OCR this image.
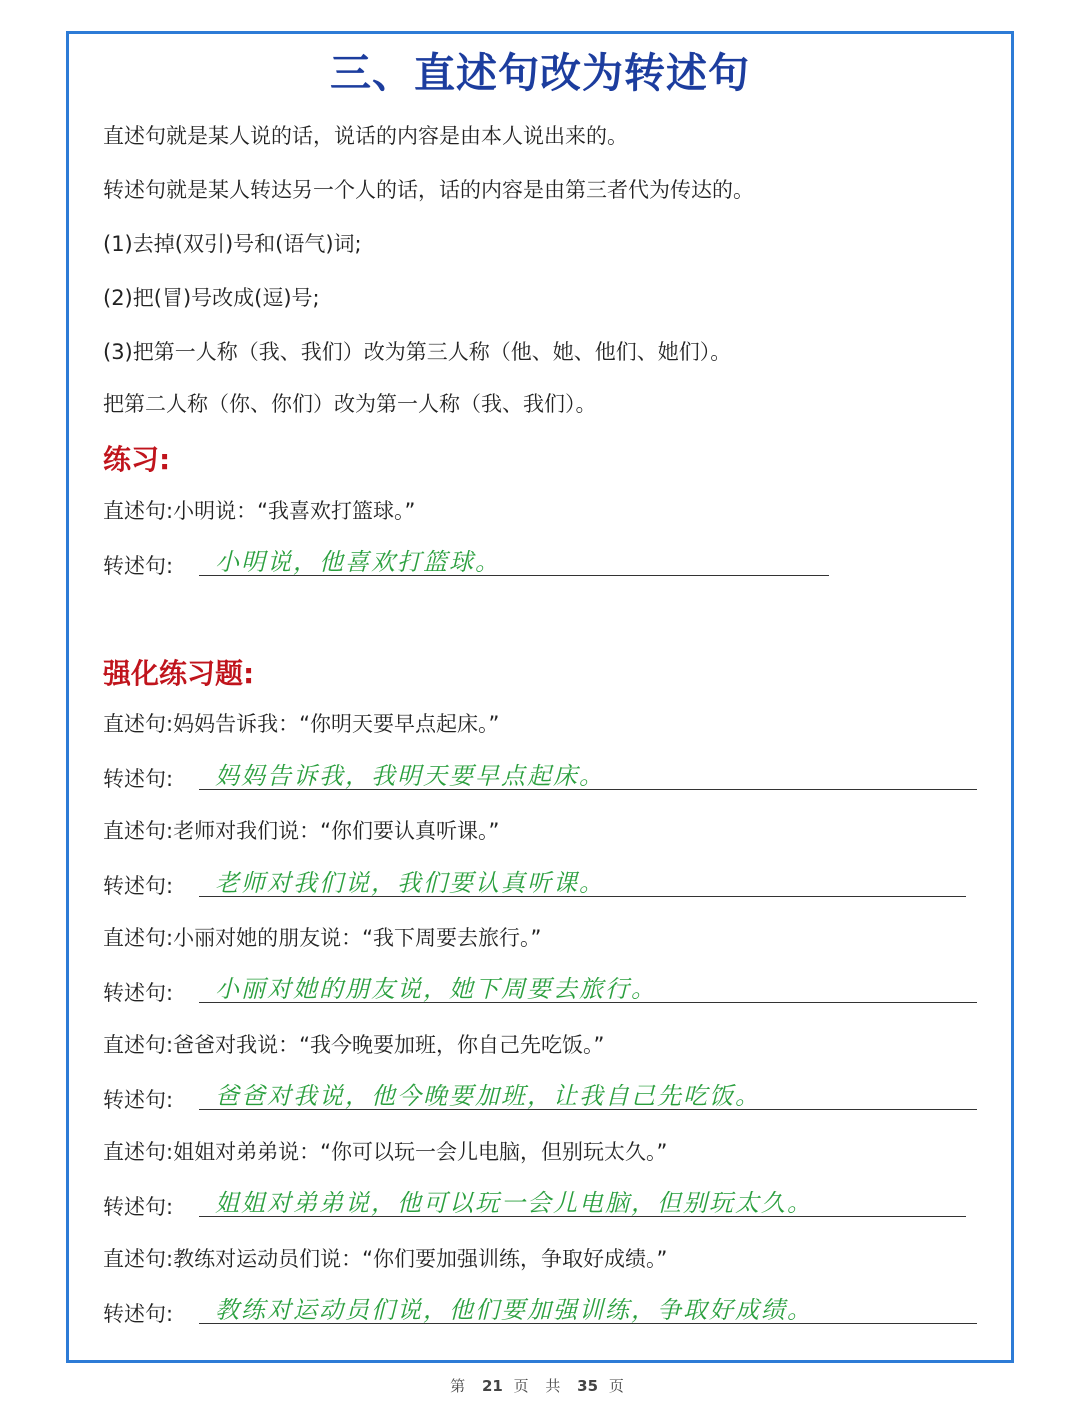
三、直述句改为转述句
直述句就是某人说的话，说话的内容是由本人说出来的。
转述句就是某人转达另一个人的话，话的内容是由第三者代为传达的。
(1)去掉(双引)号和(语气)词;
(2)把(冒)号改成(逗)号;
(3)把第一人称（我、我们）改为第三人称（他、她、他们、她们）。
把第二人称（你、你们）改为第一人称（我、我们）。
练习:
直述句:小明说：“我喜欢打篮球。”
转述句: 小明说，他喜欢打篮球。
强化练习题:
直述句:妈妈告诉我：“你明天要早点起床。”
转述句: 妈妈告诉我，我明天要早点起床。
直述句:老师对我们说：“你们要认真听课。”
转述句: 老师对我们说，我们要认真听课。
直述句:小丽对她的朋友说：“我下周要去旅行。”
转述句: 小丽对她的朋友说，她下周要去旅行。
直述句:爸爸对我说：“我今晚要加班，你自己先吃饭。”
转述句: 爸爸对我说，他今晚要加班，让我自己先吃饭。
直述句:姐姐对弟弟说：“你可以玩一会儿电脑，但别玩太久。”
转述句: 姐姐对弟弟说，他可以玩一会儿电脑，但别玩太久。
直述句:教练对运动员们说：“你们要加强训练，争取好成绩。”
转述句: 教练对运动员们说，他们要加强训练，争取好成绩。
第 21 页 共 35 页
